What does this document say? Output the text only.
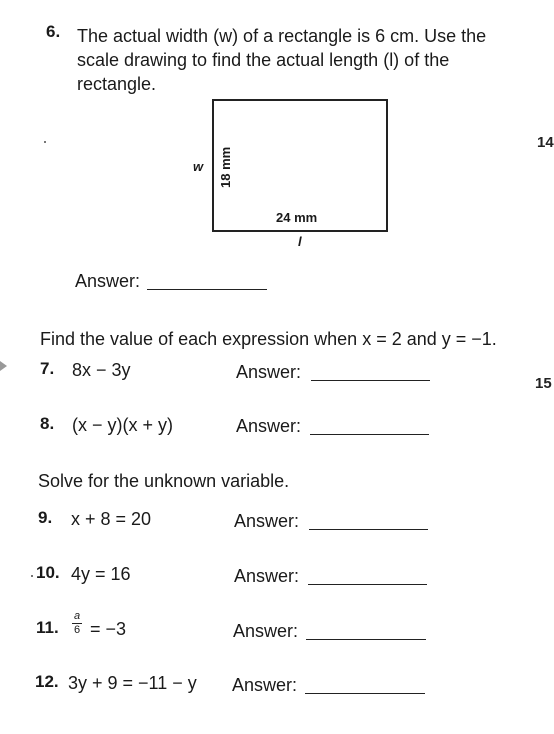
6. The actual width (w) of a rectangle is 6 cm. Use the
scale drawing to find the actual length (l) of the
rectangle.
w 18 mm
24 mm
l
Answer:
Find the value of each expression when x = 2 and y = −1.
7. 8x − 3y	Answer:
8. (x − y)(x + y)	Answer:
Solve for the unknown variable.
9. x + 8 = 20	Answer:
10. 4y = 16	Answer:
11.
a
6 = −3	Answer:
12. 3y + 9 = −11 − y Answer:
14
15
